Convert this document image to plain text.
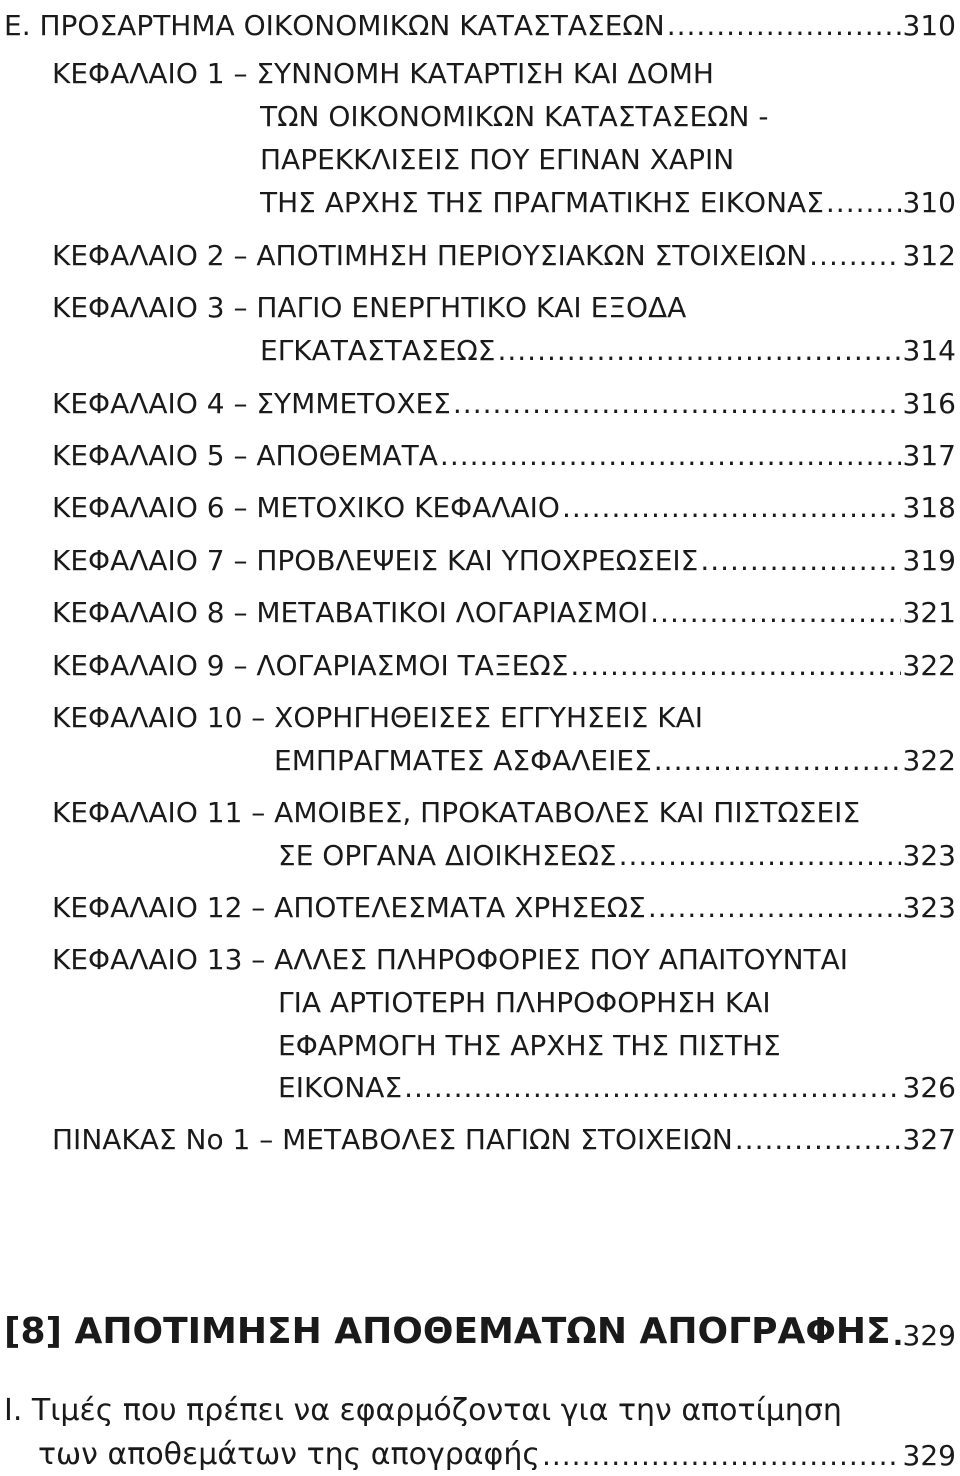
Ε. ΠΡΟΣΑΡΤΗΜΑ ΟΙΚΟΝΟΜΙΚΩΝ ΚΑΤΑΣΤΑΣΕΩΝ .....	310
ΚΕΦΑΛΑΙΟ 1 – ΣΥΝΝΟΜΗ ΚΑΤΑΡΤΙΣΗ ΚΑΙ ΔΟΜΗ
ΤΩΝ ΟΙΚΟΝΟΜΙΚΩΝ ΚΑΤΑΣΤΑΣΕΩΝ -
ΠΑΡΕΚΚΛΙΣΕΙΣ ΠΟΥ ΕΓΙΝΑΝ ΧΑΡΙΝ
ΤΗΣ ΑΡΧΗΣ ΤΗΣ ΠΡΑΓΜΑΤΙΚΗΣ ΕΙΚΟΝΑΣ .....	310
ΚΕΦΑΛΑΙΟ 2 – ΑΠΟΤΙΜΗΣΗ ΠΕΡΙΟΥΣΙΑΚΩΝ ΣΤΟΙΧΕΙΩΝ .....	312
ΚΕΦΑΛΑΙΟ 3 – ΠΑΓΙΟ ΕΝΕΡΓΗΤΙΚΟ ΚΑΙ ΕΞΟΔΑ
ΕΓΚΑΤΑΣΤΑΣΕΩΣ .....	314
ΚΕΦΑΛΑΙΟ 4 – ΣΥΜΜΕΤΟΧΕΣ .....	316
ΚΕΦΑΛΑΙΟ 5 – ΑΠΟΘΕΜΑΤΑ .....	317
ΚΕΦΑΛΑΙΟ 6 – ΜΕΤΟΧΙΚΟ ΚΕΦΑΛΑΙΟ .....	318
ΚΕΦΑΛΑΙΟ 7 – ΠΡΟΒΛΕΨΕΙΣ ΚΑΙ ΥΠΟΧΡΕΩΣΕΙΣ .....	319
ΚΕΦΑΛΑΙΟ 8 – ΜΕΤΑΒΑΤΙΚΟΙ ΛΟΓΑΡΙΑΣΜΟΙ .....	321
ΚΕΦΑΛΑΙΟ 9 – ΛΟΓΑΡΙΑΣΜΟΙ ΤΑΞΕΩΣ .....	322
ΚΕΦΑΛΑΙΟ 10 – ΧΟΡΗΓΗΘΕΙΣΕΣ ΕΓΓΥΗΣΕΙΣ ΚΑΙ
ΕΜΠΡΑΓΜΑΤΕΣ ΑΣΦΑΛΕΙΕΣ .....	322
ΚΕΦΑΛΑΙΟ 11 – ΑΜΟΙΒΕΣ, ΠΡΟΚΑΤΑΒΟΛΕΣ ΚΑΙ ΠΙΣΤΩΣΕΙΣ
ΣΕ ΟΡΓΑΝΑ ΔΙΟΙΚΗΣΕΩΣ .....	323
ΚΕΦΑΛΑΙΟ 12 – ΑΠΟΤΕΛΕΣΜΑΤΑ ΧΡΗΣΕΩΣ .....	323
ΚΕΦΑΛΑΙΟ 13 – ΑΛΛΕΣ ΠΛΗΡΟΦΟΡΙΕΣ ΠΟΥ ΑΠΑΙΤΟΥΝΤΑΙ
ΓΙΑ ΑΡΤΙΟΤΕΡΗ ΠΛΗΡΟΦΟΡΗΣΗ ΚΑΙ
ΕΦΑΡΜΟΓΗ ΤΗΣ ΑΡΧΗΣ ΤΗΣ ΠΙΣΤΗΣ
ΕΙΚΟΝΑΣ .....	326
ΠΙΝΑΚΑΣ Νο 1 – ΜΕΤΑΒΟΛΕΣ ΠΑΓΙΩΝ ΣΤΟΙΧΕΙΩΝ .....	327
[8] ΑΠΟΤΙΜΗΣΗ ΑΠΟΘΕΜΑΤΩΝ ΑΠΟΓΡΑΦΗΣ ..... 329
Ι. Τιμές που πρέπει να εφαρμόζονται για την αποτίμηση
των αποθεμάτων της απογραφής .....	329
